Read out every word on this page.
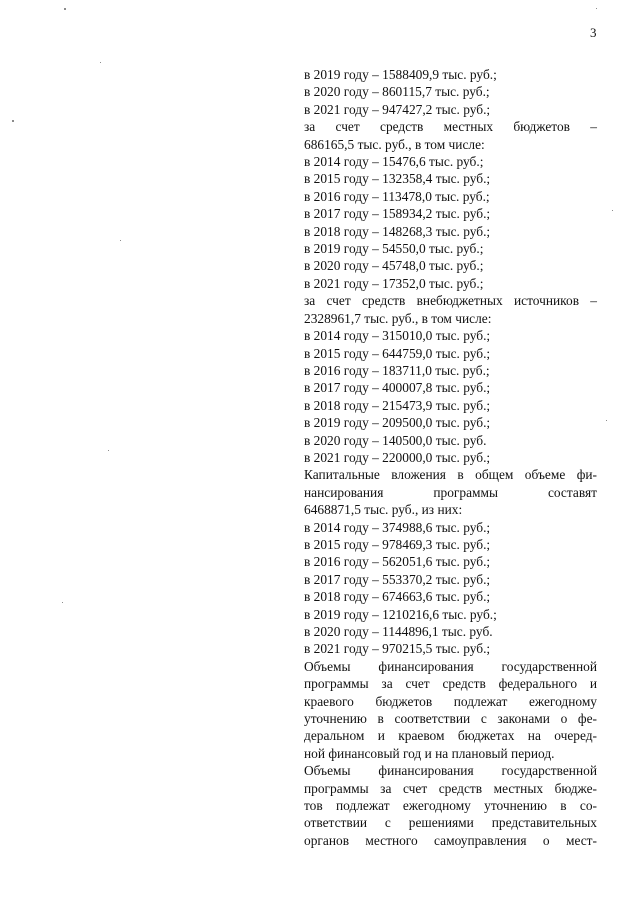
3
в 2019 году – 1588409,9 тыс. руб.;
в 2020 году – 860115,7 тыс. руб.;
в 2021 году – 947427,2 тыс. руб.;
за счет средств местных бюджетов –
686165,5 тыс. руб., в том числе:
в 2014 году – 15476,6 тыс. руб.;
в 2015 году – 132358,4 тыс. руб.;
в 2016 году – 113478,0 тыс. руб.;
в 2017 году – 158934,2 тыс. руб.;
в 2018 году – 148268,3 тыс. руб.;
в 2019 году – 54550,0 тыс. руб.;
в 2020 году – 45748,0 тыс. руб.;
в 2021 году – 17352,0 тыс. руб.;
за счет средств внебюджетных источников –
2328961,7 тыс. руб., в том числе:
в 2014 году – 315010,0 тыс. руб.;
в 2015 году – 644759,0 тыс. руб.;
в 2016 году – 183711,0 тыс. руб.;
в 2017 году – 400007,8 тыс. руб.;
в 2018 году – 215473,9 тыс. руб.;
в 2019 году – 209500,0 тыс. руб.;
в 2020 году – 140500,0 тыс. руб.
в 2021 году – 220000,0 тыс. руб.;
Капитальные вложения в общем объеме фи-
нансирования программы составят
6468871,5 тыс. руб., из них:
в 2014 году – 374988,6 тыс. руб.;
в 2015 году – 978469,3 тыс. руб.;
в 2016 году – 562051,6 тыс. руб.;
в 2017 году – 553370,2 тыс. руб.;
в 2018 году – 674663,6 тыс. руб.;
в 2019 году – 1210216,6 тыс. руб.;
в 2020 году – 1144896,1 тыс. руб.
в 2021 году – 970215,5 тыс. руб.;
Объемы финансирования государственной
программы за счет средств федерального и
краевого бюджетов подлежат ежегодному
уточнению в соответствии с законами о фе-
деральном и краевом бюджетах на очеред-
ной финансовый год и на плановый период.
Объемы финансирования государственной
программы за счет средств местных бюдже-
тов подлежат ежегодному уточнению в со-
ответствии с решениями представительных
органов местного самоуправления о мест-
